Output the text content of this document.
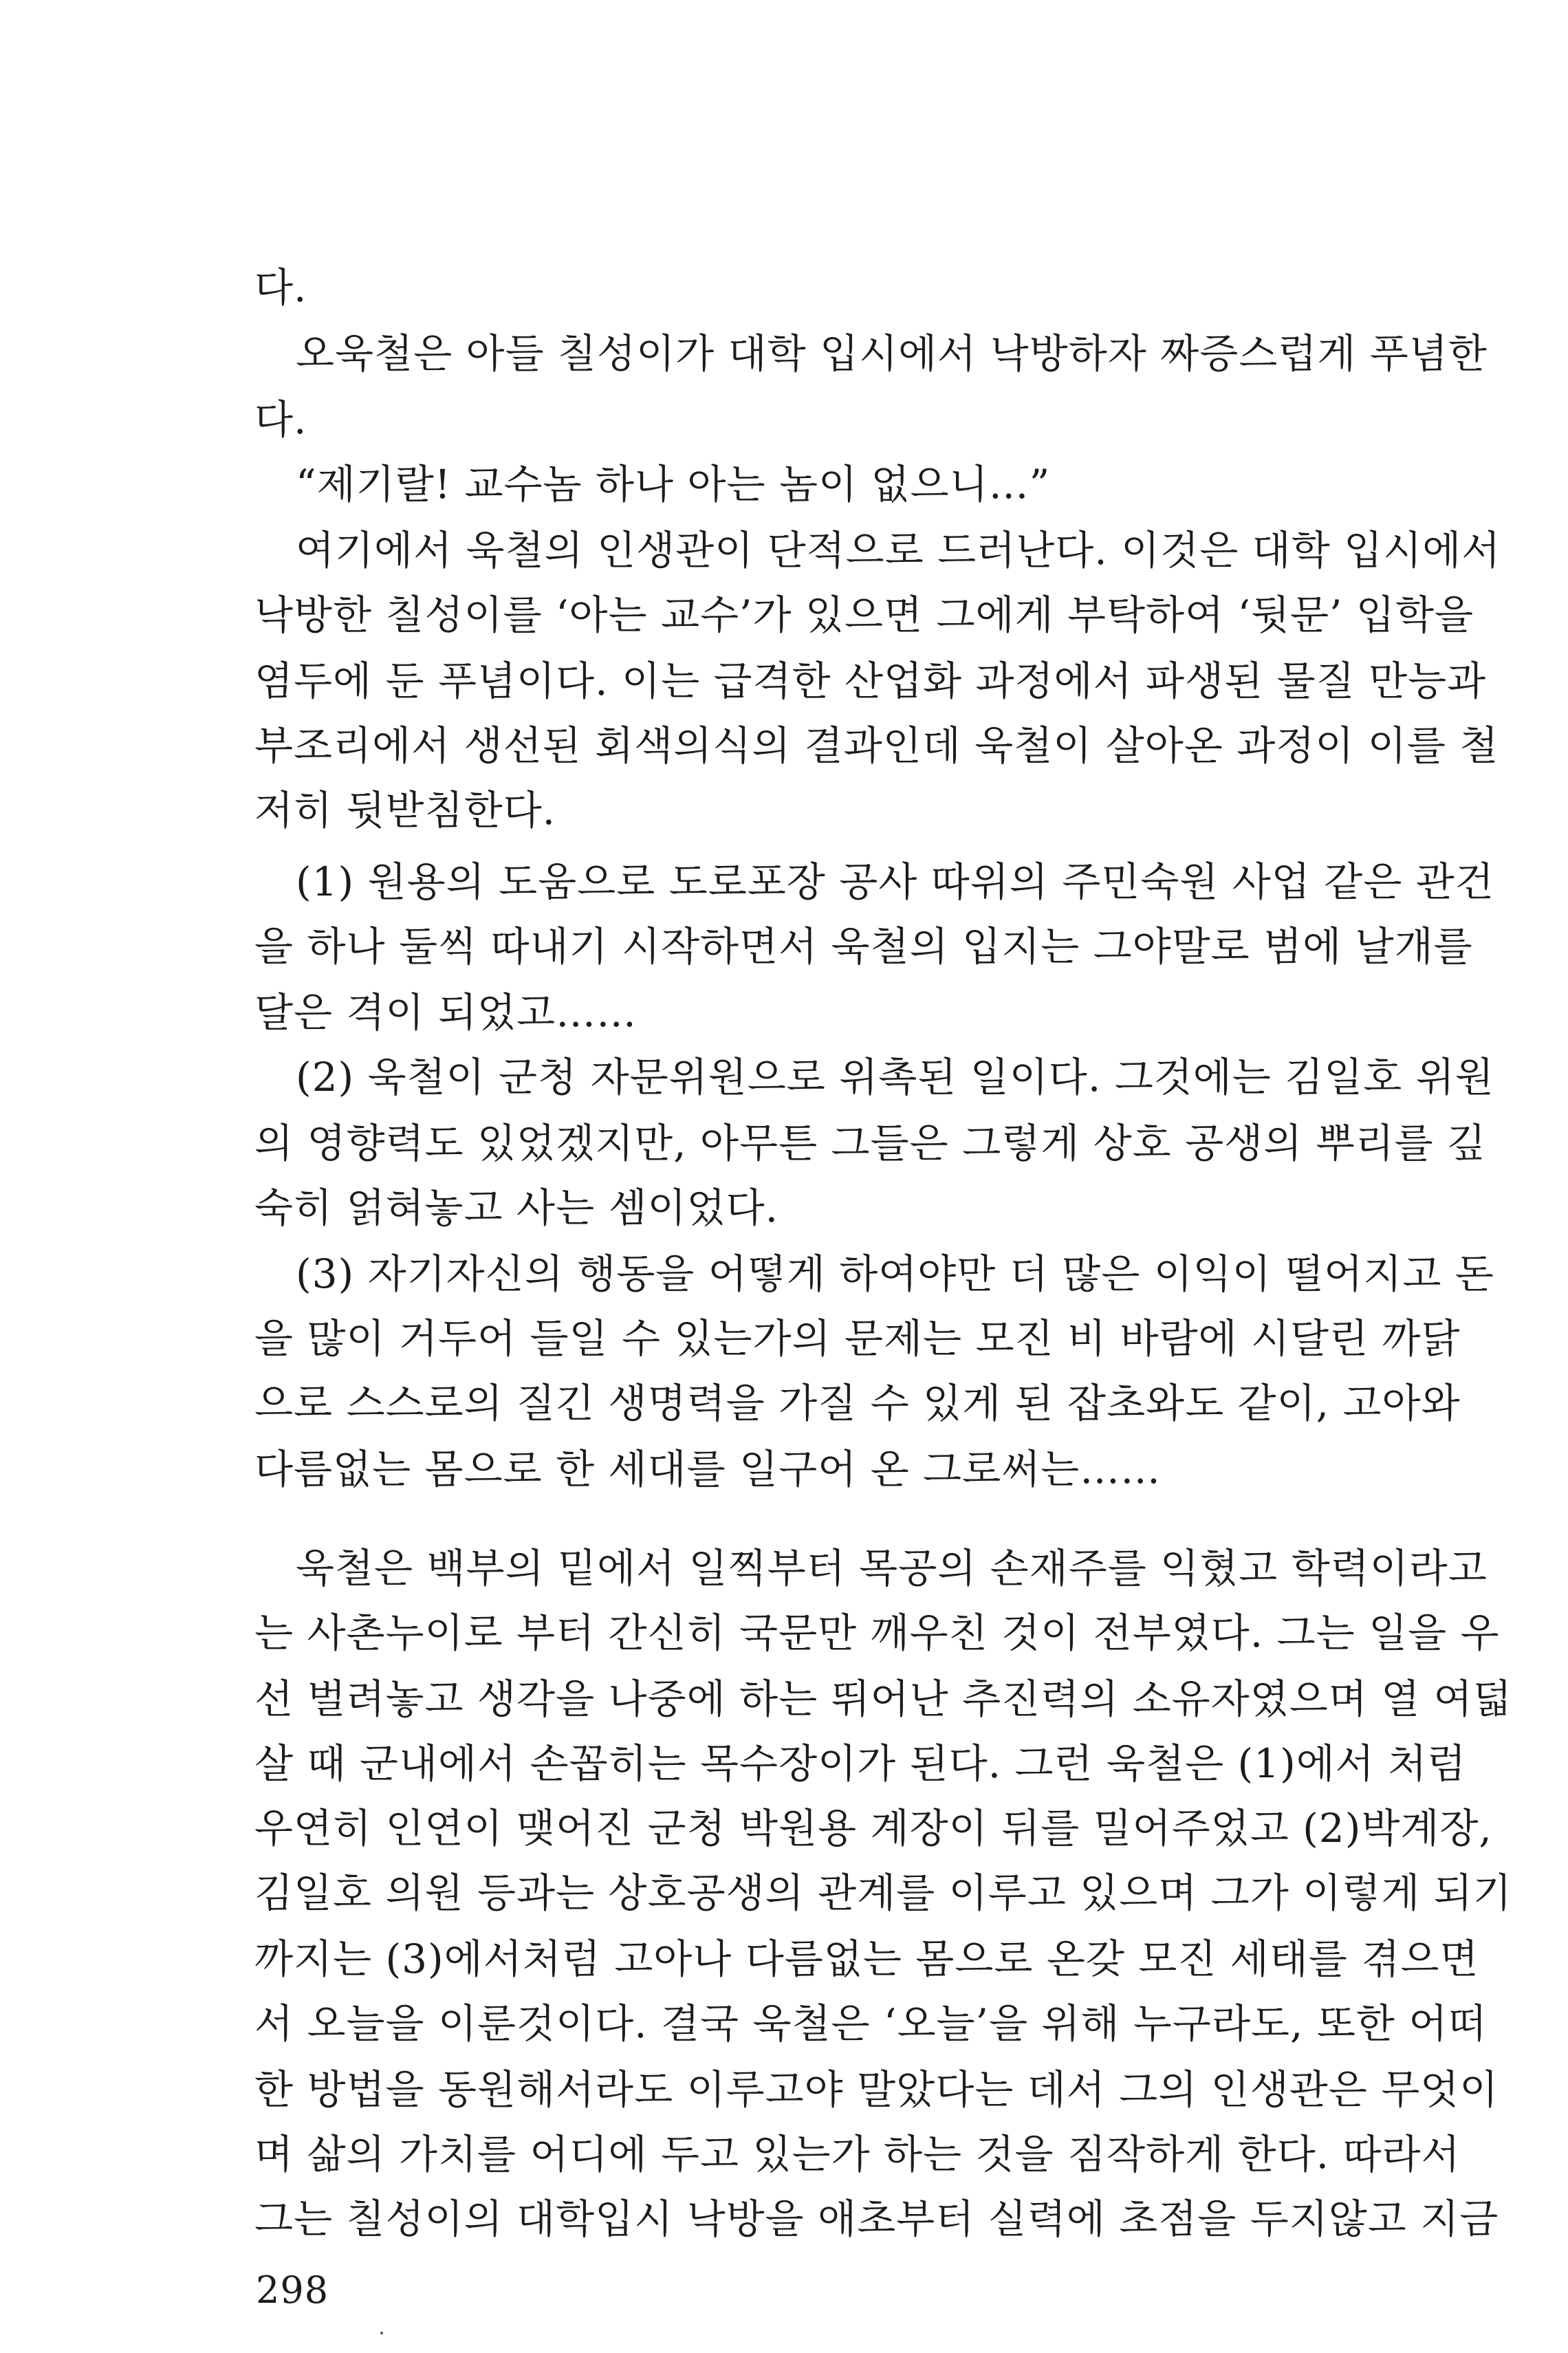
다.
오욱철은 아들 칠성이가 대학 입시에서 낙방하자 짜증스럽게 푸념한
다.
“제기랄! 교수놈 하나 아는 놈이 없으니…”
여기에서 욱철의 인생관이 단적으로 드러난다. 이것은 대학 입시에서
낙방한 칠성이를 ‘아는 교수’가 있으면 그에게 부탁하여 ‘뒷문’ 입학을
염두에 둔 푸념이다. 이는 급격한 산업화 과정에서 파생된 물질 만능과
부조리에서 생선된 회색의식의 결과인데 욱철이 살아온 과정이 이를 철
저히 뒷받침한다.
(1) 원용의 도움으로 도로포장 공사 따위의 주민숙원 사업 같은 관건
을 하나 둘씩 따내기 시작하면서 욱철의 입지는 그야말로 범에 날개를
달은 격이 되었고……
(2) 욱철이 군청 자문위원으로 위촉된 일이다. 그것에는 김일호 위원
의 영향력도 있었겠지만, 아무튼 그들은 그렇게 상호 공생의 뿌리를 깊
숙히 얽혀놓고 사는 셈이었다.
(3) 자기자신의 행동을 어떻게 하여야만 더 많은 이익이 떨어지고 돈
을 많이 거두어 들일 수 있는가의 문제는 모진 비 바람에 시달린 까닭
으로 스스로의 질긴 생명력을 가질 수 있게 된 잡초와도 같이, 고아와
다름없는 몸으로 한 세대를 일구어 온 그로써는……
욱철은 백부의 밑에서 일찍부터 목공의 손재주를 익혔고 학력이라고
는 사촌누이로 부터 간신히 국문만 깨우친 것이 전부였다. 그는 일을 우
선 벌려놓고 생각을 나중에 하는 뛰어난 추진력의 소유자였으며 열 여덟
살 때 군내에서 손꼽히는 목수장이가 된다. 그런 욱철은 (1)에서 처럼
우연히 인연이 맺어진 군청 박원용 계장이 뒤를 밀어주었고 (2)박계장,
김일호 의원 등과는 상호공생의 관계를 이루고 있으며 그가 이렇게 되기
까지는 (3)에서처럼 고아나 다름없는 몸으로 온갖 모진 세태를 겪으면
서 오늘을 이룬것이다. 결국 욱철은 ‘오늘’을 위해 누구라도, 또한 어떠
한 방법을 동원해서라도 이루고야 말았다는 데서 그의 인생관은 무엇이
며 삶의 가치를 어디에 두고 있는가 하는 것을 짐작하게 한다. 따라서
그는 칠성이의 대학입시 낙방을 애초부터 실력에 초점을 두지않고 지금
298
